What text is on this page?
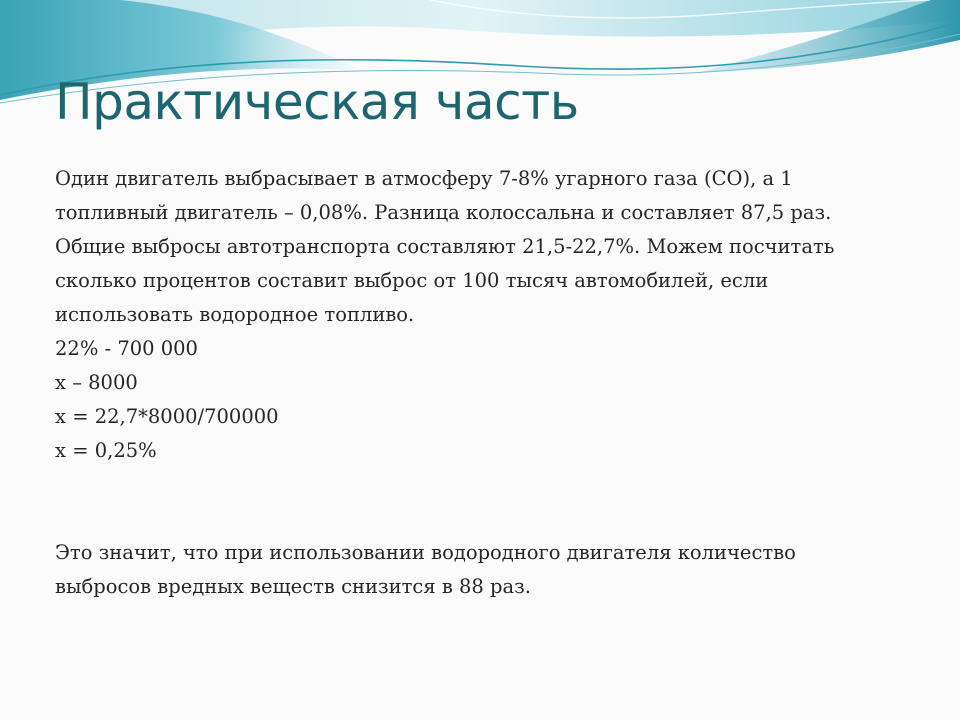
Практическая часть

Один двигатель выбрасывает в атмосферу 7-8% угарного газа (CO), а 1

топливный двигатель – 0,08%. Разница колоссальна и составляет 87,5 раз.

Общие выбросы автотранспорта составляют 21,5-22,7%. Можем посчитать

сколько процентов составит выброс от 100 тысяч автомобилей, если

использовать водородное топливо.

22% - 700 000

x – 8000

x = 22,7*8000/700000

x = 0,25%

Это значит, что при использовании водородного двигателя количество

выбросов вредных веществ снизится в 88 раз.
